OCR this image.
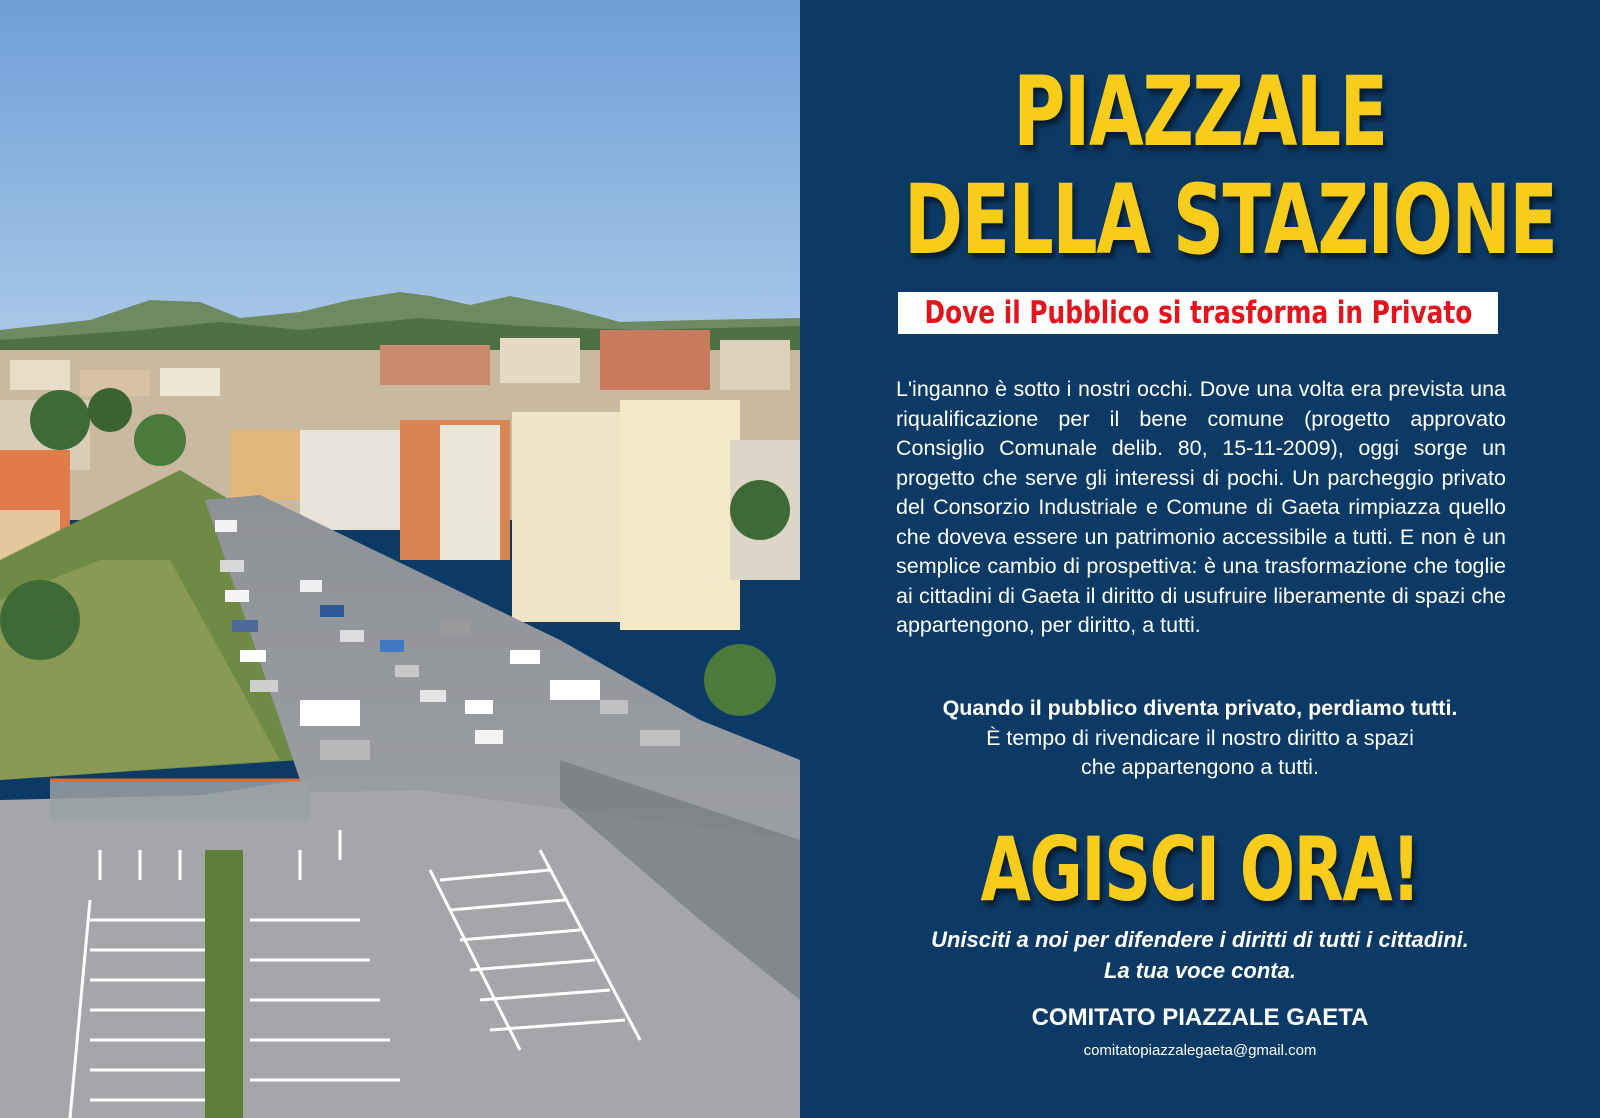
PIAZZALE
DELLA STAZIONE
Dove il Pubblico si trasforma in Privato
L'inganno è sotto i nostri occhi. Dove una volta era prevista una riqualificazione per il bene comune (progetto approvato Consiglio Comunale delib. 80, 15-11-2009), oggi sorge un progetto che serve gli interessi di pochi. Un parcheggio privato del Consorzio Industriale e Comune di Gaeta rimpiazza quello che doveva essere un patrimonio accessibile a tutti. E non è un semplice cambio di prospettiva: è una trasformazione che toglie ai cittadini di Gaeta il diritto di usufruire liberamente di spazi che appartengono, per diritto, a tutti.
Quando il pubblico diventa privato, perdiamo tutti.
È tempo di rivendicare il nostro diritto a spazi
che appartengono a tutti.
AGISCI ORA!
Unisciti a noi per difendere i diritti di tutti i cittadini.
La tua voce conta.
COMITATO PIAZZALE GAETA
comitatopiazzalegaeta@gmail.com
